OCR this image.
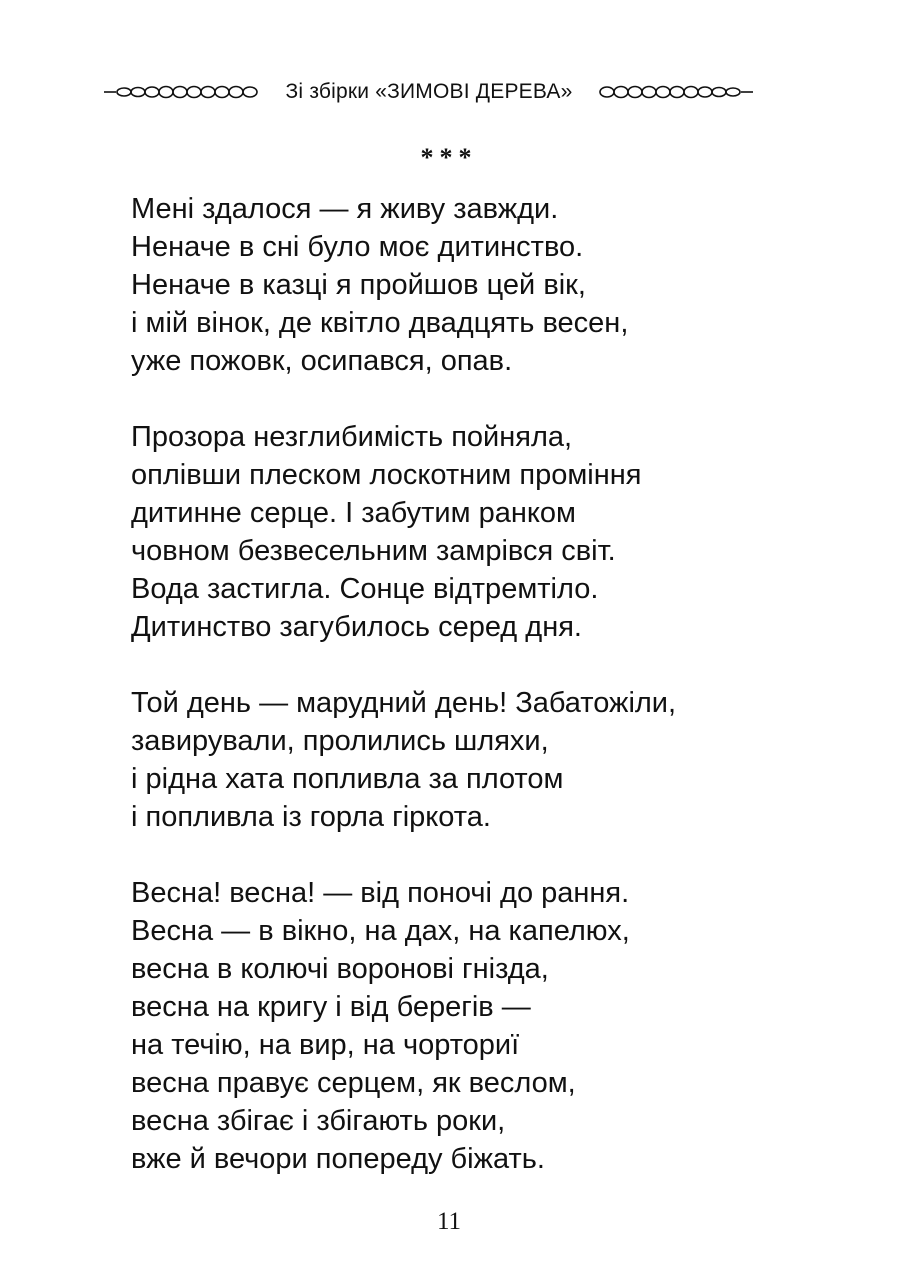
Зі збірки «ЗИМОВІ ДЕРЕВА»
***
Мені здалося — я живу завжди.
Неначе в сні було моє дитинство.
Неначе в казці я пройшов цей вік,
і мій вінок, де квітло двадцять весен,
уже пожовк, осипався, опав.
Прозора незглибимість пойняла,
оплівши плеском лоскотним проміння
дитинне серце. І забутим ранком
човном безвесельним замрівся світ.
Вода застигла. Сонце відтремтіло.
Дитинство загубилось серед дня.
Той день — марудний день! Забатожіли,
завирували, пролились шляхи,
і рідна хата попливла за плотом
і попливла із горла гіркота.
Весна! весна! — від поночі до рання.
Весна — в вікно, на дах, на капелюх,
весна в колючі воронові гнізда,
весна на кригу і від берегів —
на течію, на вир, на чорториї
весна правує серцем, як веслом,
весна збігає і збігають роки,
вже й вечори попереду біжать.
11
